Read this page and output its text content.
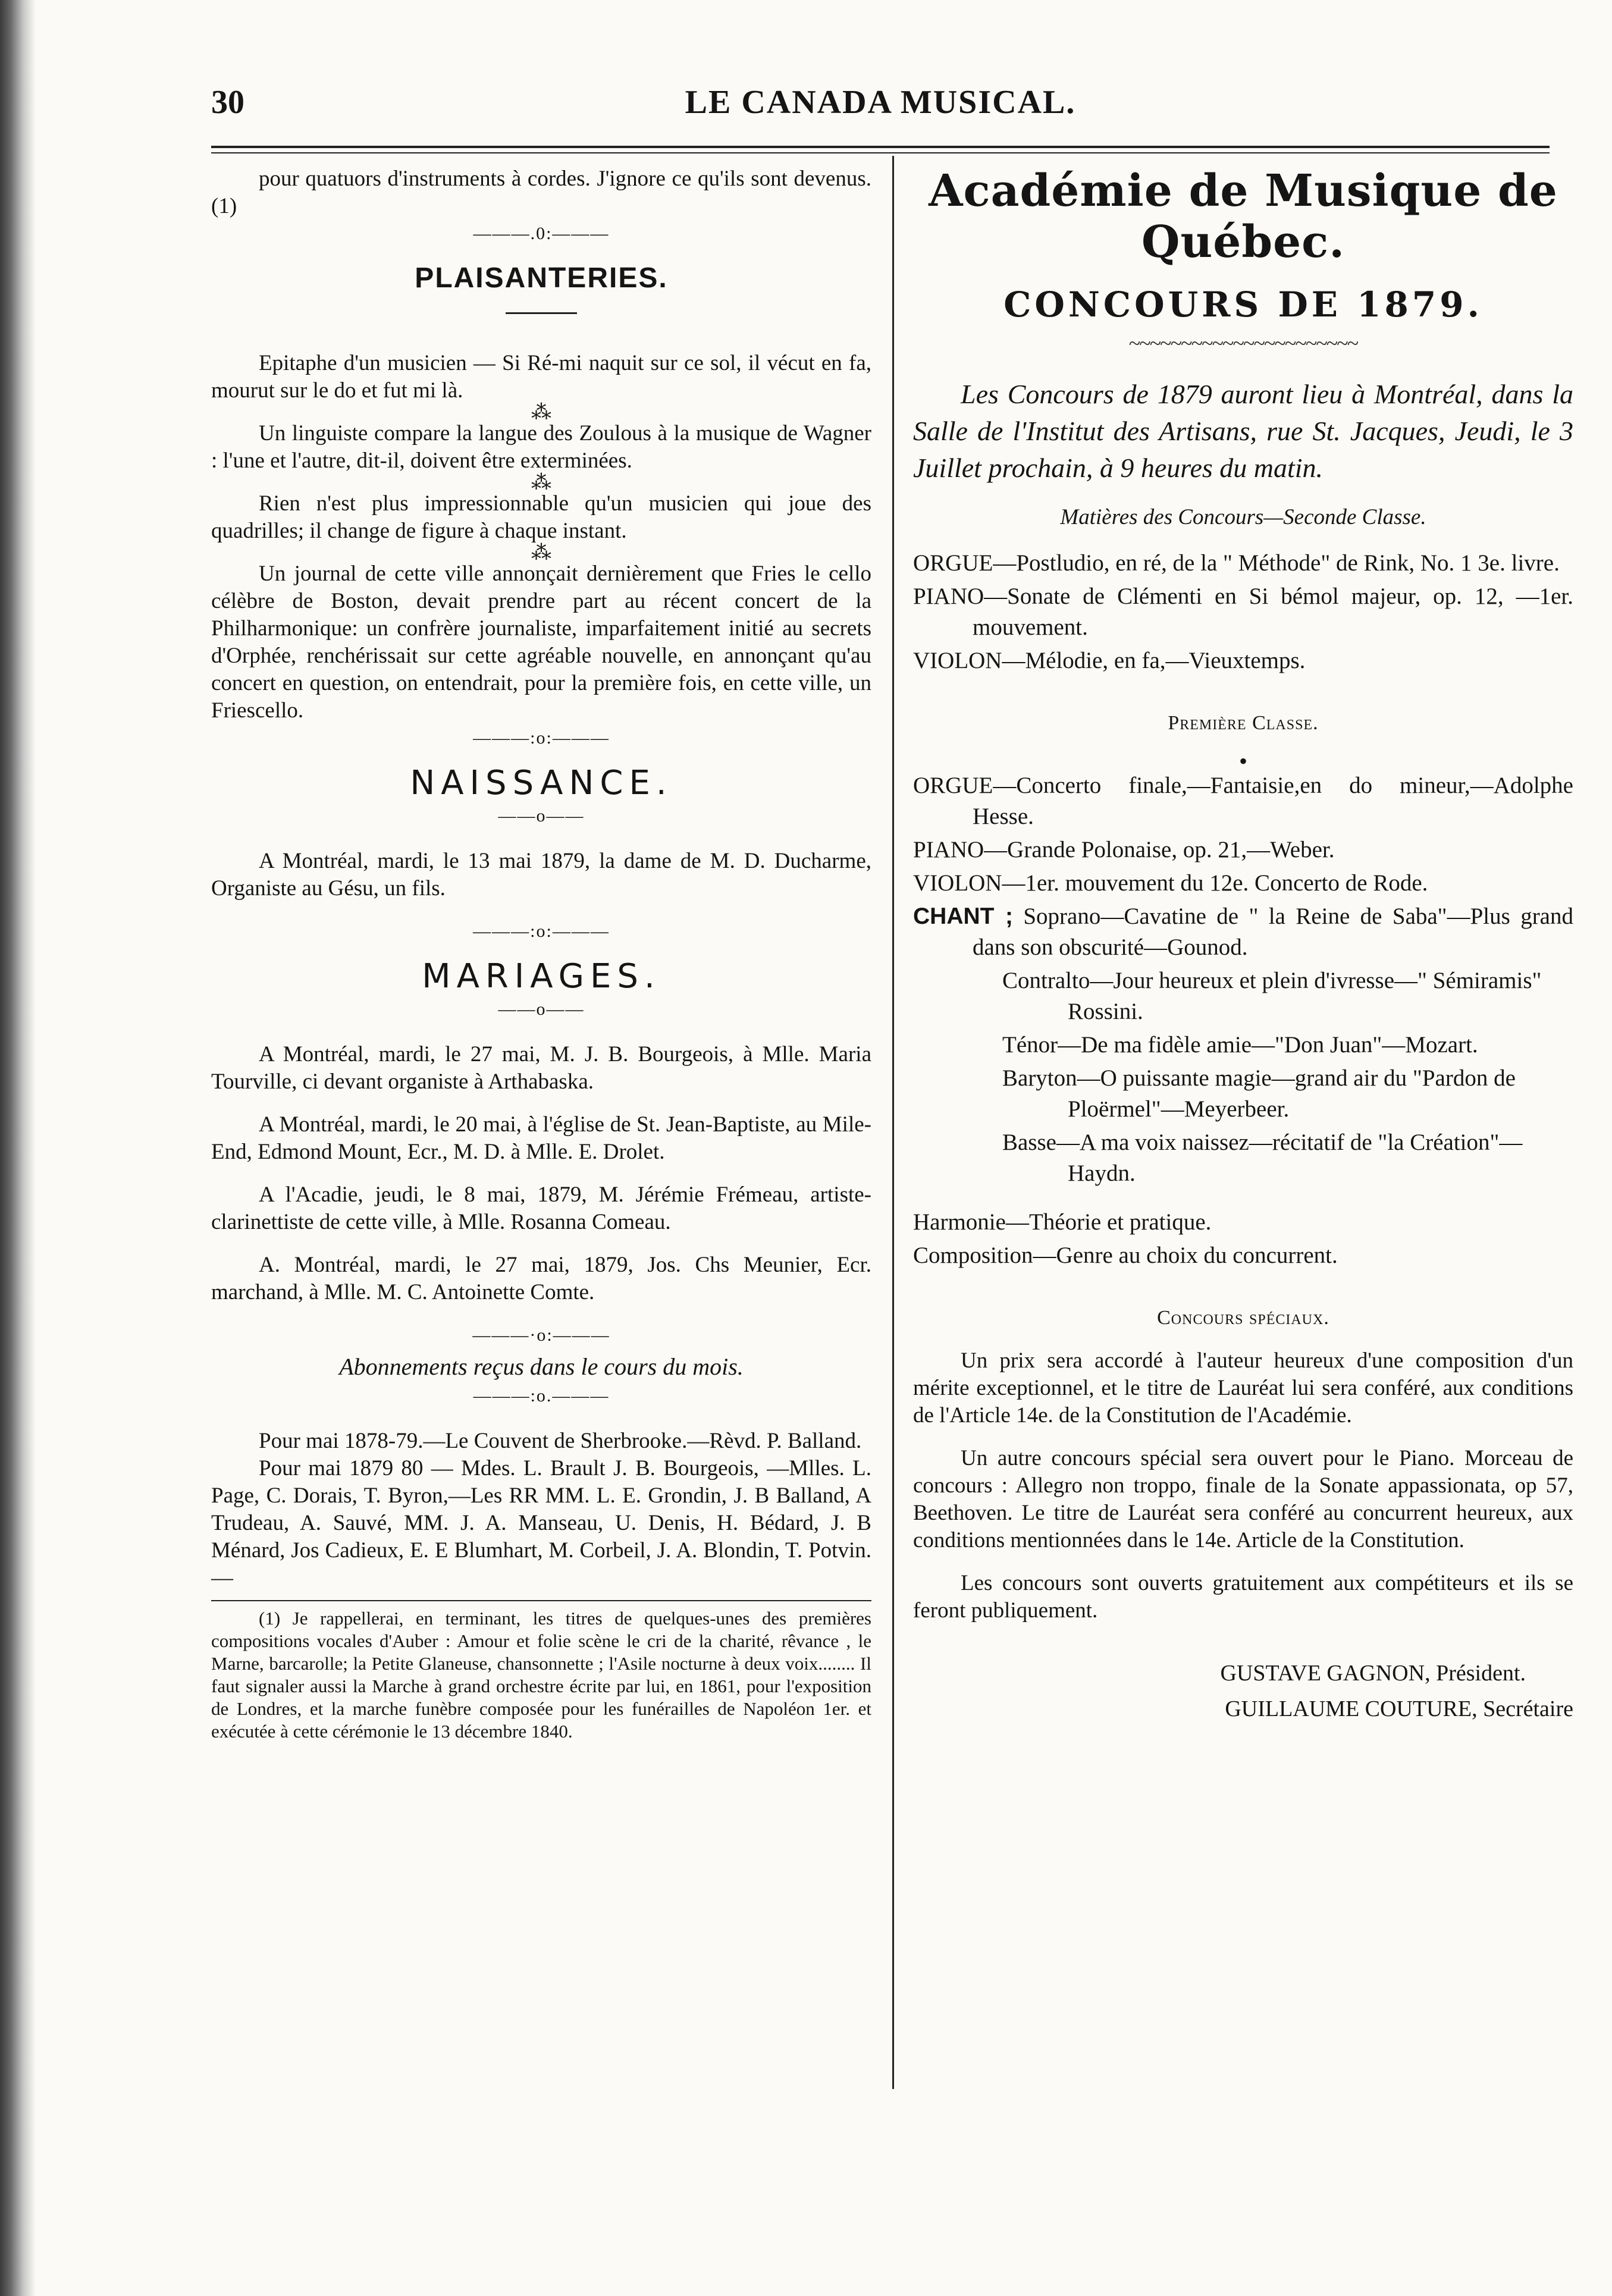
30	LE CANADA MUSICAL.

pour quatuors d'instruments à cordes. J'ignore ce qu'ils sont devenus. (1)

———.0:———
PLAISANTERIES.

Epitaphe d'un musicien — Si Ré-mi naquit sur ce sol, il vécut en fa, mourut sur le do et fut mi là.

⁂

Un linguiste compare la langue des Zoulous à la musique de Wagner : l'une et l'autre, dit-il, doivent être exterminées.

⁂

Rien n'est plus impressionnable qu'un musicien qui joue des quadrilles; il change de figure à chaque instant.

⁂

Un journal de cette ville annonçait dernièrement que Fries le cello célèbre de Boston, devait prendre part au récent concert de la Philharmonique: un confrère journaliste, imparfaitement initié au secrets d'Orphée, renchérissait sur cette agréable nouvelle, en annonçant qu'au concert en question, on entendrait, pour la première fois, en cette ville, un Friescello.

———:o:———
NAISSANCE.
——o——

A Montréal, mardi, le 13 mai 1879, la dame de M. D. Ducharme, Organiste au Gésu, un fils.

———:o:———
MARIAGES.
——o——

A Montréal, mardi, le 27 mai, M. J. B. Bourgeois, à Mlle. Maria Tourville, ci devant organiste à Arthabaska.

A Montréal, mardi, le 20 mai, à l'église de St. Jean-Baptiste, au Mile-End, Edmond Mount, Ecr., M. D. à Mlle. E. Drolet.

A l'Acadie, jeudi, le 8 mai, 1879, M. Jérémie Frémeau, artiste-clarinettiste de cette ville, à Mlle. Rosanna Comeau.

A. Montréal, mardi, le 27 mai, 1879, Jos. Chs Meunier, Ecr. marchand, à Mlle. M. C. Antoinette Comte.

———·o:———

Abonnements reçus dans le cours du mois.

———:o.———

Pour mai 1878-79.—Le Couvent de Sherbrooke.—Rèvd. P. Balland.

Pour mai 1879 80 — Mdes. L. Brault J. B. Bourgeois, —Mlles. L. Page, C. Dorais, T. Byron,—Les RR MM. L. E. Grondin, J. B Balland, A Trudeau, A. Sauvé, MM. J. A. Manseau, U. Denis, H. Bédard, J. B Ménard, Jos Cadieux, E. E Blumhart, M. Corbeil, J. A. Blondin, T. Potvin.—

(1) Je rappellerai, en terminant, les titres de quelques-unes des premières compositions vocales d'Auber : Amour et folie scène le cri de la charité, rêvance , le Marne, barcarolle; la Petite Glaneuse, chansonnette ; l'Asile nocturne à deux voix........ Il faut signaler aussi la Marche à grand orchestre écrite par lui, en 1861, pour l'exposition de Londres, et la marche funèbre composée pour les funérailles de Napoléon 1er. et exécutée à cette cérémonie le 13 décembre 1840.

Académie de Musique de Québec.
CONCOURS DE 1879.
~~~~~~~~~~~~~~~~~~~~~~

Les Concours de 1879 auront lieu à Montréal, dans la Salle de l'Institut des Artisans, rue St. Jacques, Jeudi, le 3 Juillet prochain, à 9 heures du matin.

Matières des Concours—Seconde Classe.

ORGUE—Postludio, en ré, de la " Méthode" de Rink, No. 1 3e. livre.

PIANO—Sonate de Clémenti en Si bémol majeur, op. 12, —1er. mouvement.

VIOLON—Mélodie, en fa,—Vieuxtemps.

Première Classe.
•

ORGUE—Concerto finale,—Fantaisie,en do mineur,—Adolphe Hesse.

PIANO—Grande Polonaise, op. 21,—Weber.

VIOLON—1er. mouvement du 12e. Concerto de Rode.

CHANT ; Soprano—Cavatine de " la Reine de Saba"—Plus grand dans son obscurité—Gounod.

Contralto—Jour heureux et plein d'ivresse—" Sémiramis" Rossini.

Ténor—De ma fidèle amie—"Don Juan"—Mozart.

Baryton—O puissante magie—grand air du "Pardon de Ploërmel"—Meyerbeer.

Basse—A ma voix naissez—récitatif de "la Création"—Haydn.

Harmonie—Théorie et pratique.

Composition—Genre au choix du concurrent.

Concours spéciaux.

Un prix sera accordé à l'auteur heureux d'une composition d'un mérite exceptionnel, et le titre de Lauréat lui sera conféré, aux conditions de l'Article 14e. de la Constitution de l'Académie.

Un autre concours spécial sera ouvert pour le Piano. Morceau de concours : Allegro non troppo, finale de la Sonate appassionata, op 57, Beethoven. Le titre de Lauréat sera conféré au concurrent heureux, aux conditions mentionnées dans le 14e. Article de la Constitution.

Les concours sont ouverts gratuitement aux compétiteurs et ils se feront publiquement.

GUSTAVE GAGNON, Président.

GUILLAUME COUTURE, Secrétaire
